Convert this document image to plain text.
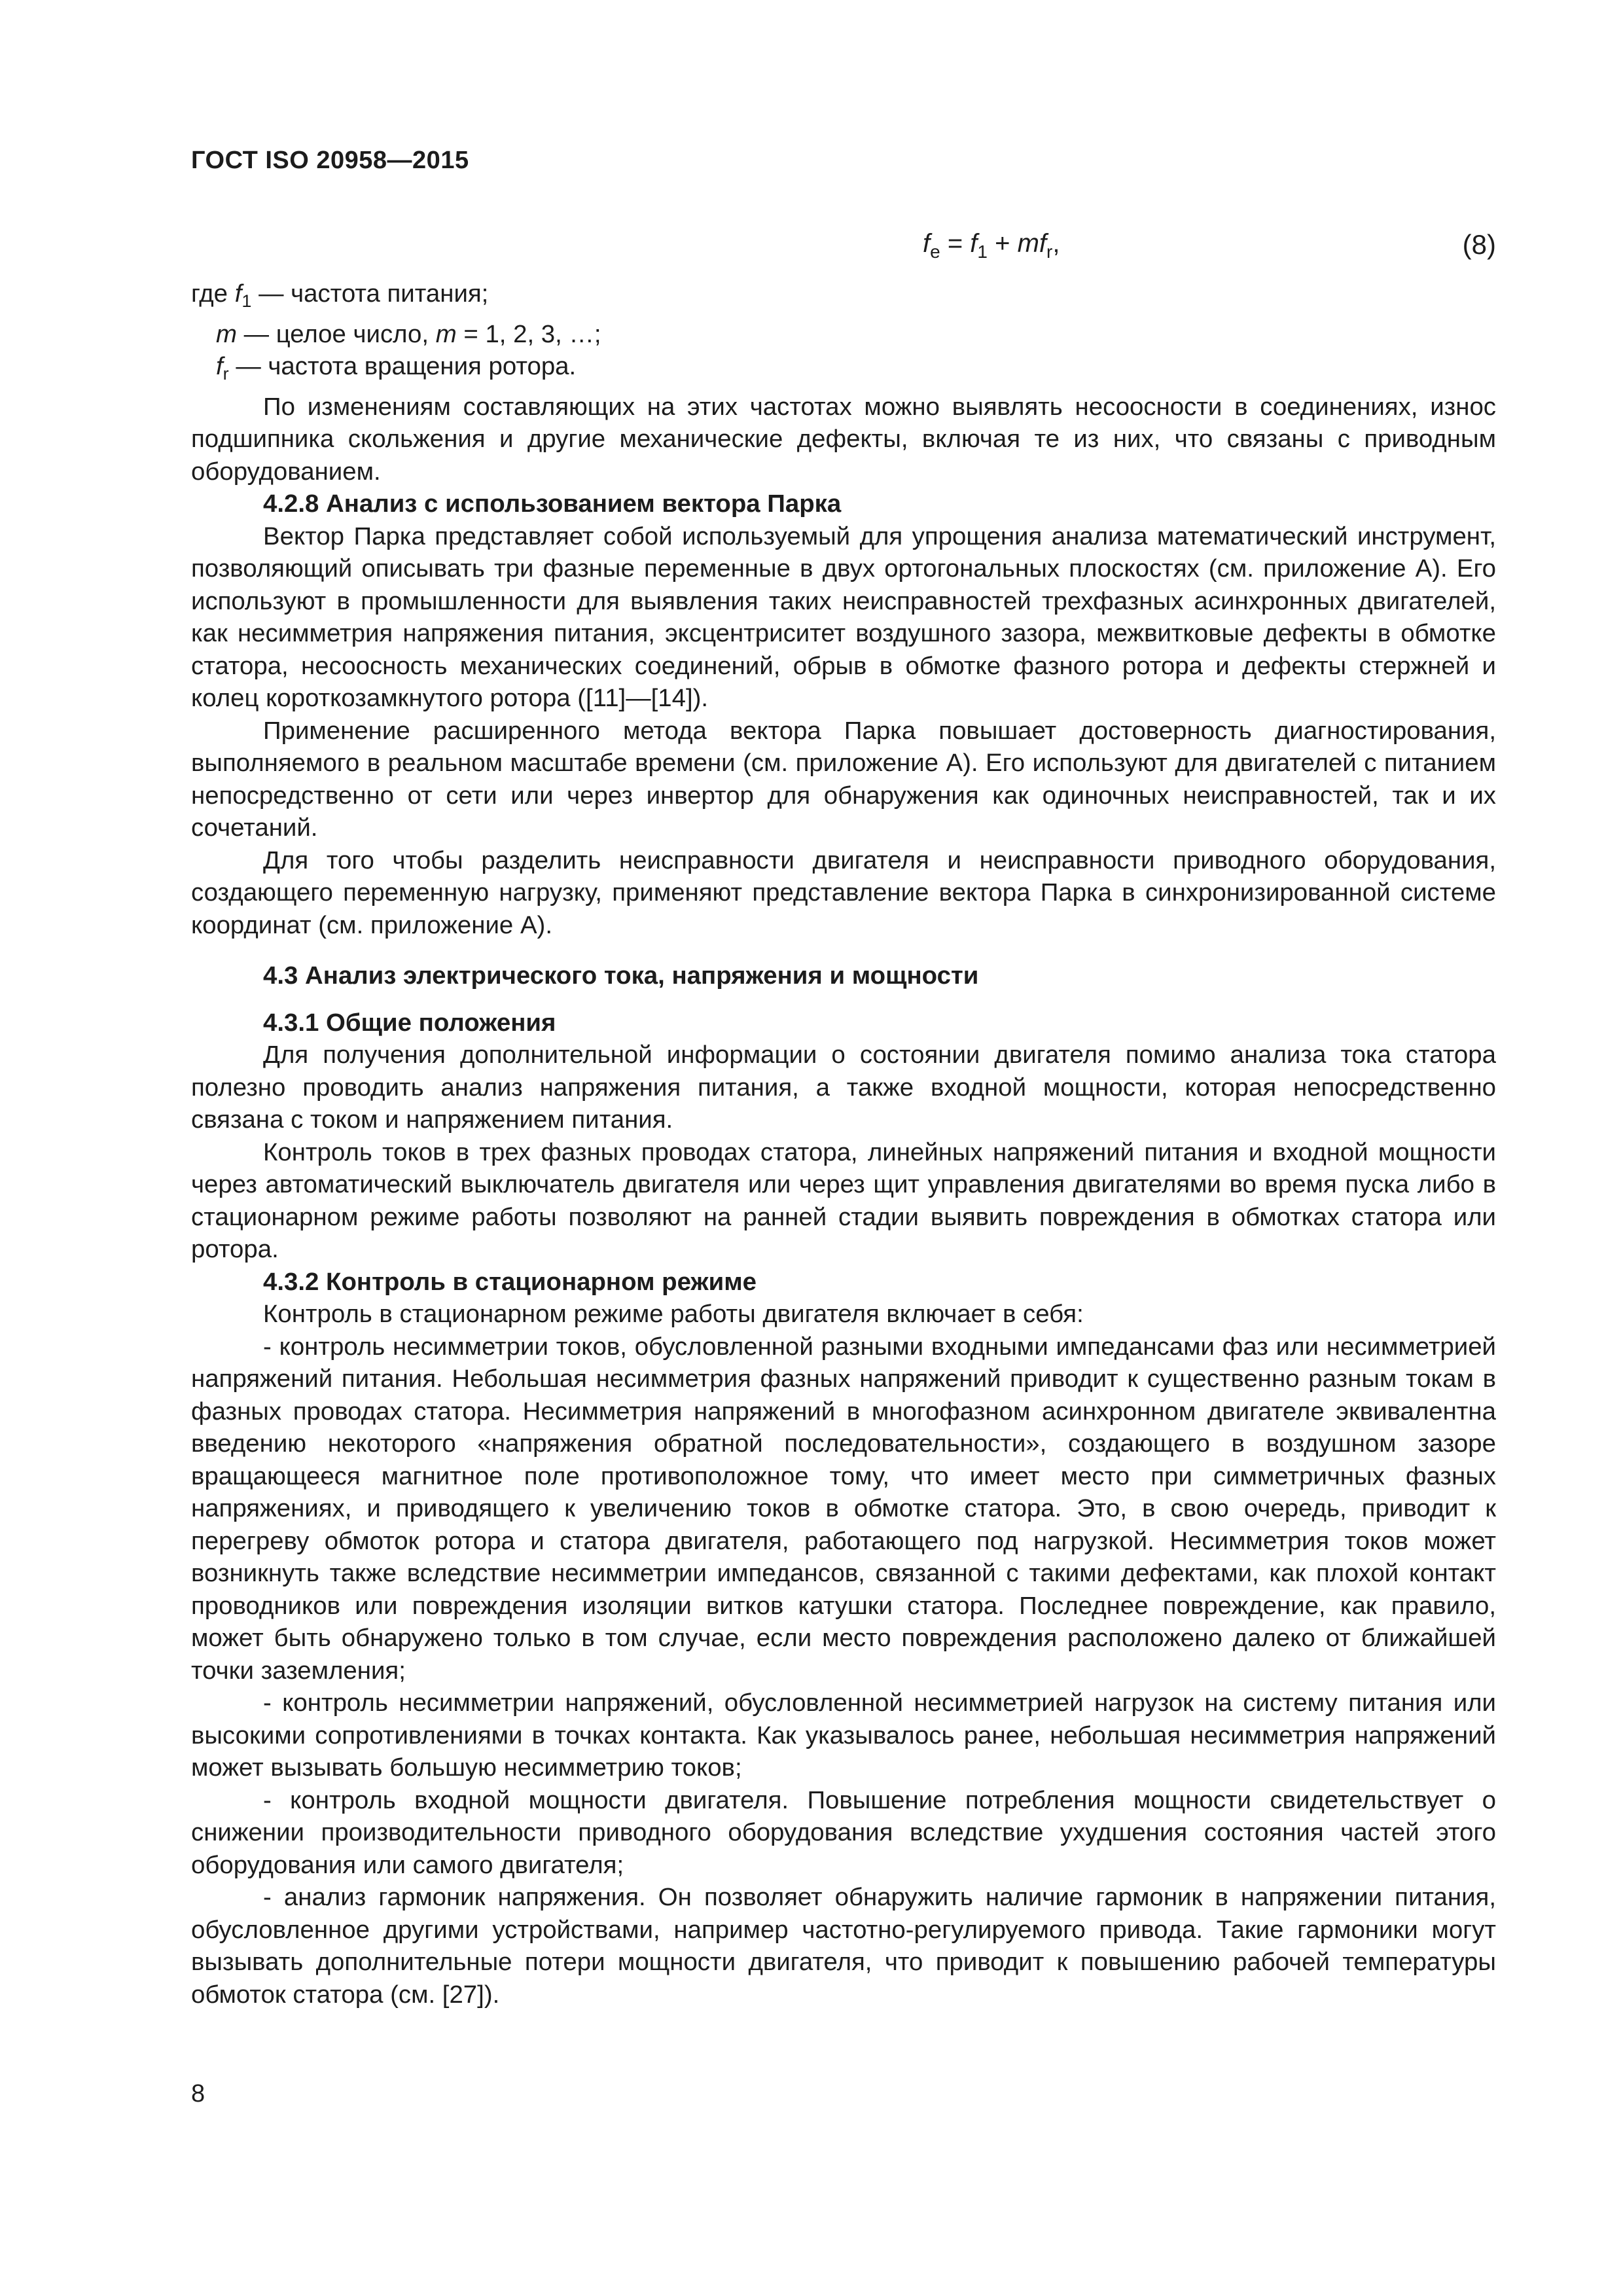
ГОСТ ISO 20958—2015
$f_e = f_1 + mf_r$,	(8)

где $f_1$ — частота питания;

m — целое число, m = 1, 2, 3, …;

$f_r$ — частота вращения ротора.

По изменениям составляющих на этих частотах можно выявлять несоосности в соединениях, износ подшипника скольжения и другие механические дефекты, включая те из них, что связаны с приводным оборудованием.

4.2.8 Анализ с использованием вектора Парка

Вектор Парка представляет собой используемый для упрощения анализа математический инструмент, позволяющий описывать три фазные переменные в двух ортогональных плоскостях (см. приложение А). Его используют в промышленности для выявления таких неисправностей трехфазных асинхронных двигателей, как несимметрия напряжения питания, эксцентриситет воздушного зазора, межвитковые дефекты в обмотке статора, несоосность механических соединений, обрыв в обмотке фазного ротора и дефекты стержней и колец короткозамкнутого ротора ([11]—[14]).

Применение расширенного метода вектора Парка повышает достоверность диагностирования, выполняемого в реальном масштабе времени (см. приложение А). Его используют для двигателей с питанием непосредственно от сети или через инвертор для обнаружения как одиночных неисправностей, так и их сочетаний.

Для того чтобы разделить неисправности двигателя и неисправности приводного оборудования, создающего переменную нагрузку, применяют представление вектора Парка в синхронизированной системе координат (см. приложение А).

4.3 Анализ электрического тока, напряжения и мощности

4.3.1 Общие положения

Для получения дополнительной информации о состоянии двигателя помимо анализа тока статора полезно проводить анализ напряжения питания, а также входной мощности, которая непосредственно связана с током и напряжением питания.

Контроль токов в трех фазных проводах статора, линейных напряжений питания и входной мощности через автоматический выключатель двигателя или через щит управления двигателями во время пуска либо в стационарном режиме работы позволяют на ранней стадии выявить повреждения в обмотках статора или ротора.

4.3.2 Контроль в стационарном режиме

Контроль в стационарном режиме работы двигателя включает в себя:

- контроль несимметрии токов, обусловленной разными входными импедансами фаз или несимметрией напряжений питания. Небольшая несимметрия фазных напряжений приводит к существенно разным токам в фазных проводах статора. Несимметрия напряжений в многофазном асинхронном двигателе эквивалентна введению некоторого «напряжения обратной последовательности», создающего в воздушном зазоре вращающееся магнитное поле противоположное тому, что имеет место при симметричных фазных напряжениях, и приводящего к увеличению токов в обмотке статора. Это, в свою очередь, приводит к перегреву обмоток ротора и статора двигателя, работающего под нагрузкой. Несимметрия токов может возникнуть также вследствие несимметрии импедансов, связанной с такими дефектами, как плохой контакт проводников или повреждения изоляции витков катушки статора. Последнее повреждение, как правило, может быть обнаружено только в том случае, если место повреждения расположено далеко от ближайшей точки заземления;

- контроль несимметрии напряжений, обусловленной несимметрией нагрузок на систему питания или высокими сопротивлениями в точках контакта. Как указывалось ранее, небольшая несимметрия напряжений может вызывать большую несимметрию токов;

- контроль входной мощности двигателя. Повышение потребления мощности свидетельствует о снижении производительности приводного оборудования вследствие ухудшения состояния частей этого оборудования или самого двигателя;

- анализ гармоник напряжения. Он позволяет обнаружить наличие гармоник в напряжении питания, обусловленное другими устройствами, например частотно-регулируемого привода. Такие гармоники могут вызывать дополнительные потери мощности двигателя, что приводит к повышению рабочей температуры обмоток статора (см. [27]).

8
